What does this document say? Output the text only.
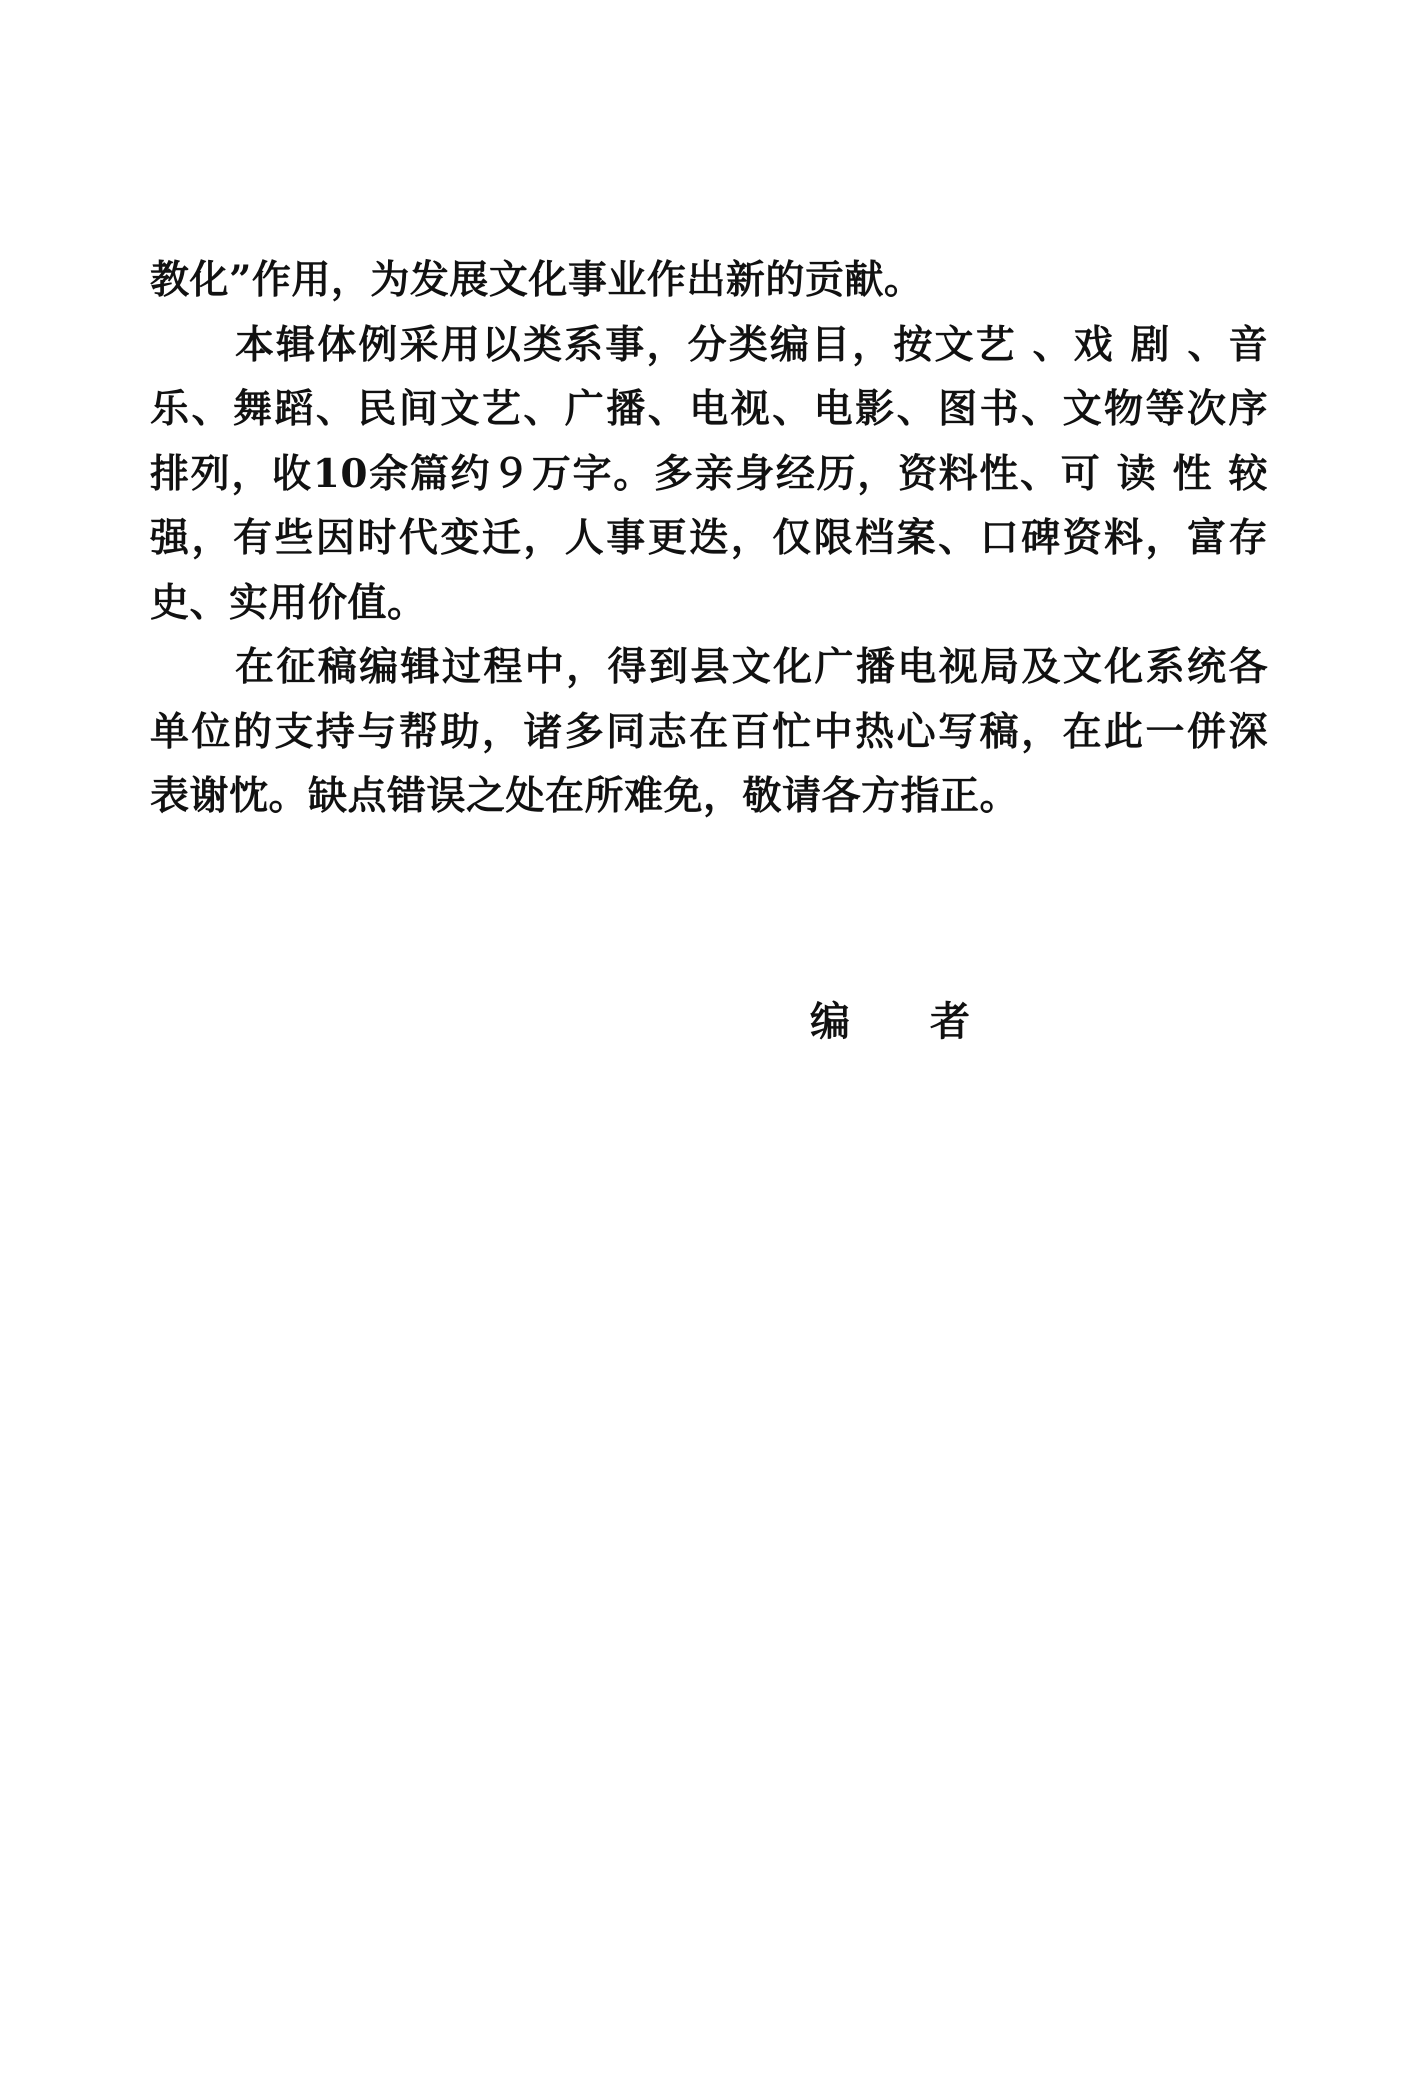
教化”作用，为发展文化事业作出新的贡献。
本辑体例采用以类系事，分类编目，按文艺 、戏 剧 、音
乐、舞蹈、民间文艺、广播、电视、电影、图书、文物等次序
排列，收10余篇约９万字。多亲身经历，资料性、可 读 性 较
强，有些因时代变迁，人事更迭，仅限档案、口碑资料，富存
史、实用价值。
在征稿编辑过程中，得到县文化广播电视局及文化系统各
单位的支持与帮助，诸多同志在百忙中热心写稿，在此一併深
表谢忱。缺点错误之处在所难免，敬请各方指正。
编者
